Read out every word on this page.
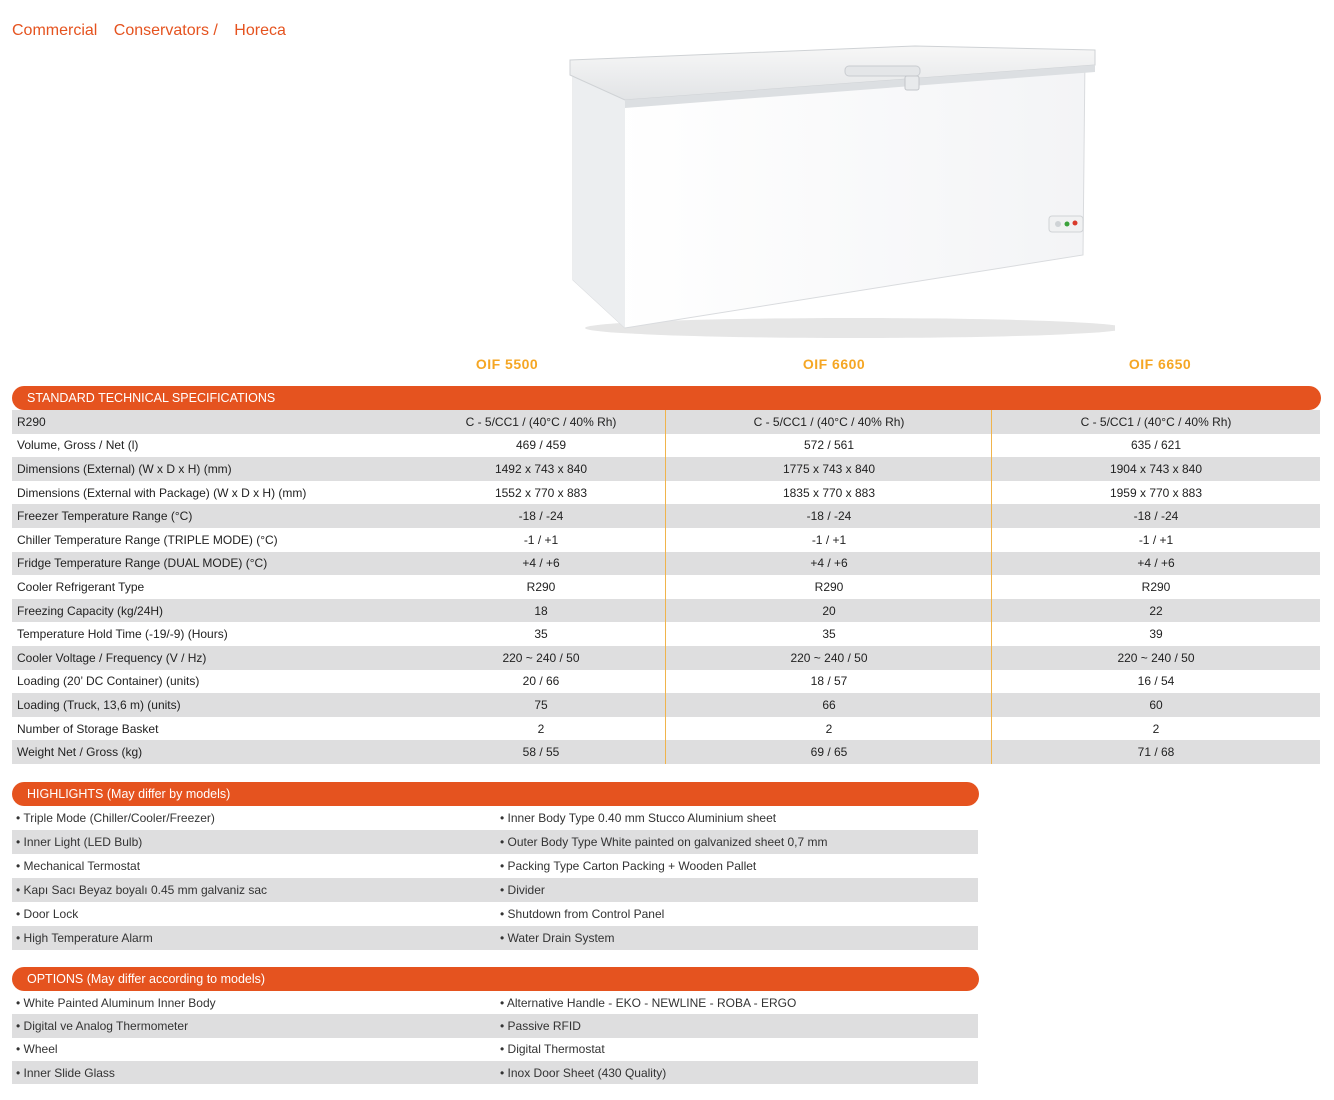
Commercial Conservators / Horeca
OIF 5500	OIF 6600	OIF 6650
STANDARD TECHNICAL SPECIFICATIONS
R290	C - 5/CC1 / (40°C / 40% Rh)	C - 5/CC1 / (40°C / 40% Rh)	C - 5/CC1 / (40°C / 40% Rh)
Volume, Gross / Net (l)	469 / 459	572 / 561	635 / 621
Dimensions (External) (W x D x H) (mm)	1492 x 743 x 840	1775 x 743 x 840	1904 x 743 x 840
Dimensions (External with Package) (W x D x H) (mm)	1552 x 770 x 883	1835 x 770 x 883	1959 x 770 x 883
Freezer Temperature Range (°C)	-18 / -24	-18 / -24	-18 / -24
Chiller Temperature Range (TRIPLE MODE) (°C)	-1 / +1	-1 / +1	-1 / +1
Fridge Temperature Range (DUAL MODE) (°C)	+4 / +6	+4 / +6	+4 / +6
Cooler Refrigerant Type	R290	R290	R290
Freezing Capacity (kg/24H)	18	20	22
Temperature Hold Time (-19/-9) (Hours)	35	35	39
Cooler Voltage / Frequency (V / Hz)	220 ~ 240 / 50	220 ~ 240 / 50	220 ~ 240 / 50
Loading (20’ DC Container) (units)	20 / 66	18 / 57	16 / 54
Loading (Truck, 13,6 m) (units)	75	66	60
Number of Storage Basket	2	2	2
Weight Net / Gross (kg)	58 / 55	69 / 65	71 / 68
HIGHLIGHTS (May differ by models)
• Triple Mode (Chiller/Cooler/Freezer)	• Inner Body Type 0.40 mm Stucco Aluminium sheet
• Inner Light (LED Bulb)	• Outer Body Type White painted on galvanized sheet 0,7 mm
• Mechanical Termostat	• Packing Type Carton Packing + Wooden Pallet
• Kapı Sacı Beyaz boyalı 0.45 mm galvaniz sac	• Divider
• Door Lock	• Shutdown from Control Panel
• High Temperature Alarm	• Water Drain System
OPTIONS (May differ according to models)
• White Painted Aluminum Inner Body	• Alternative Handle - EKO - NEWLINE - ROBA - ERGO
• Digital ve Analog Thermometer	• Passive RFID
• Wheel	• Digital Thermostat
• Inner Slide Glass	• Inox Door Sheet (430 Quality)
